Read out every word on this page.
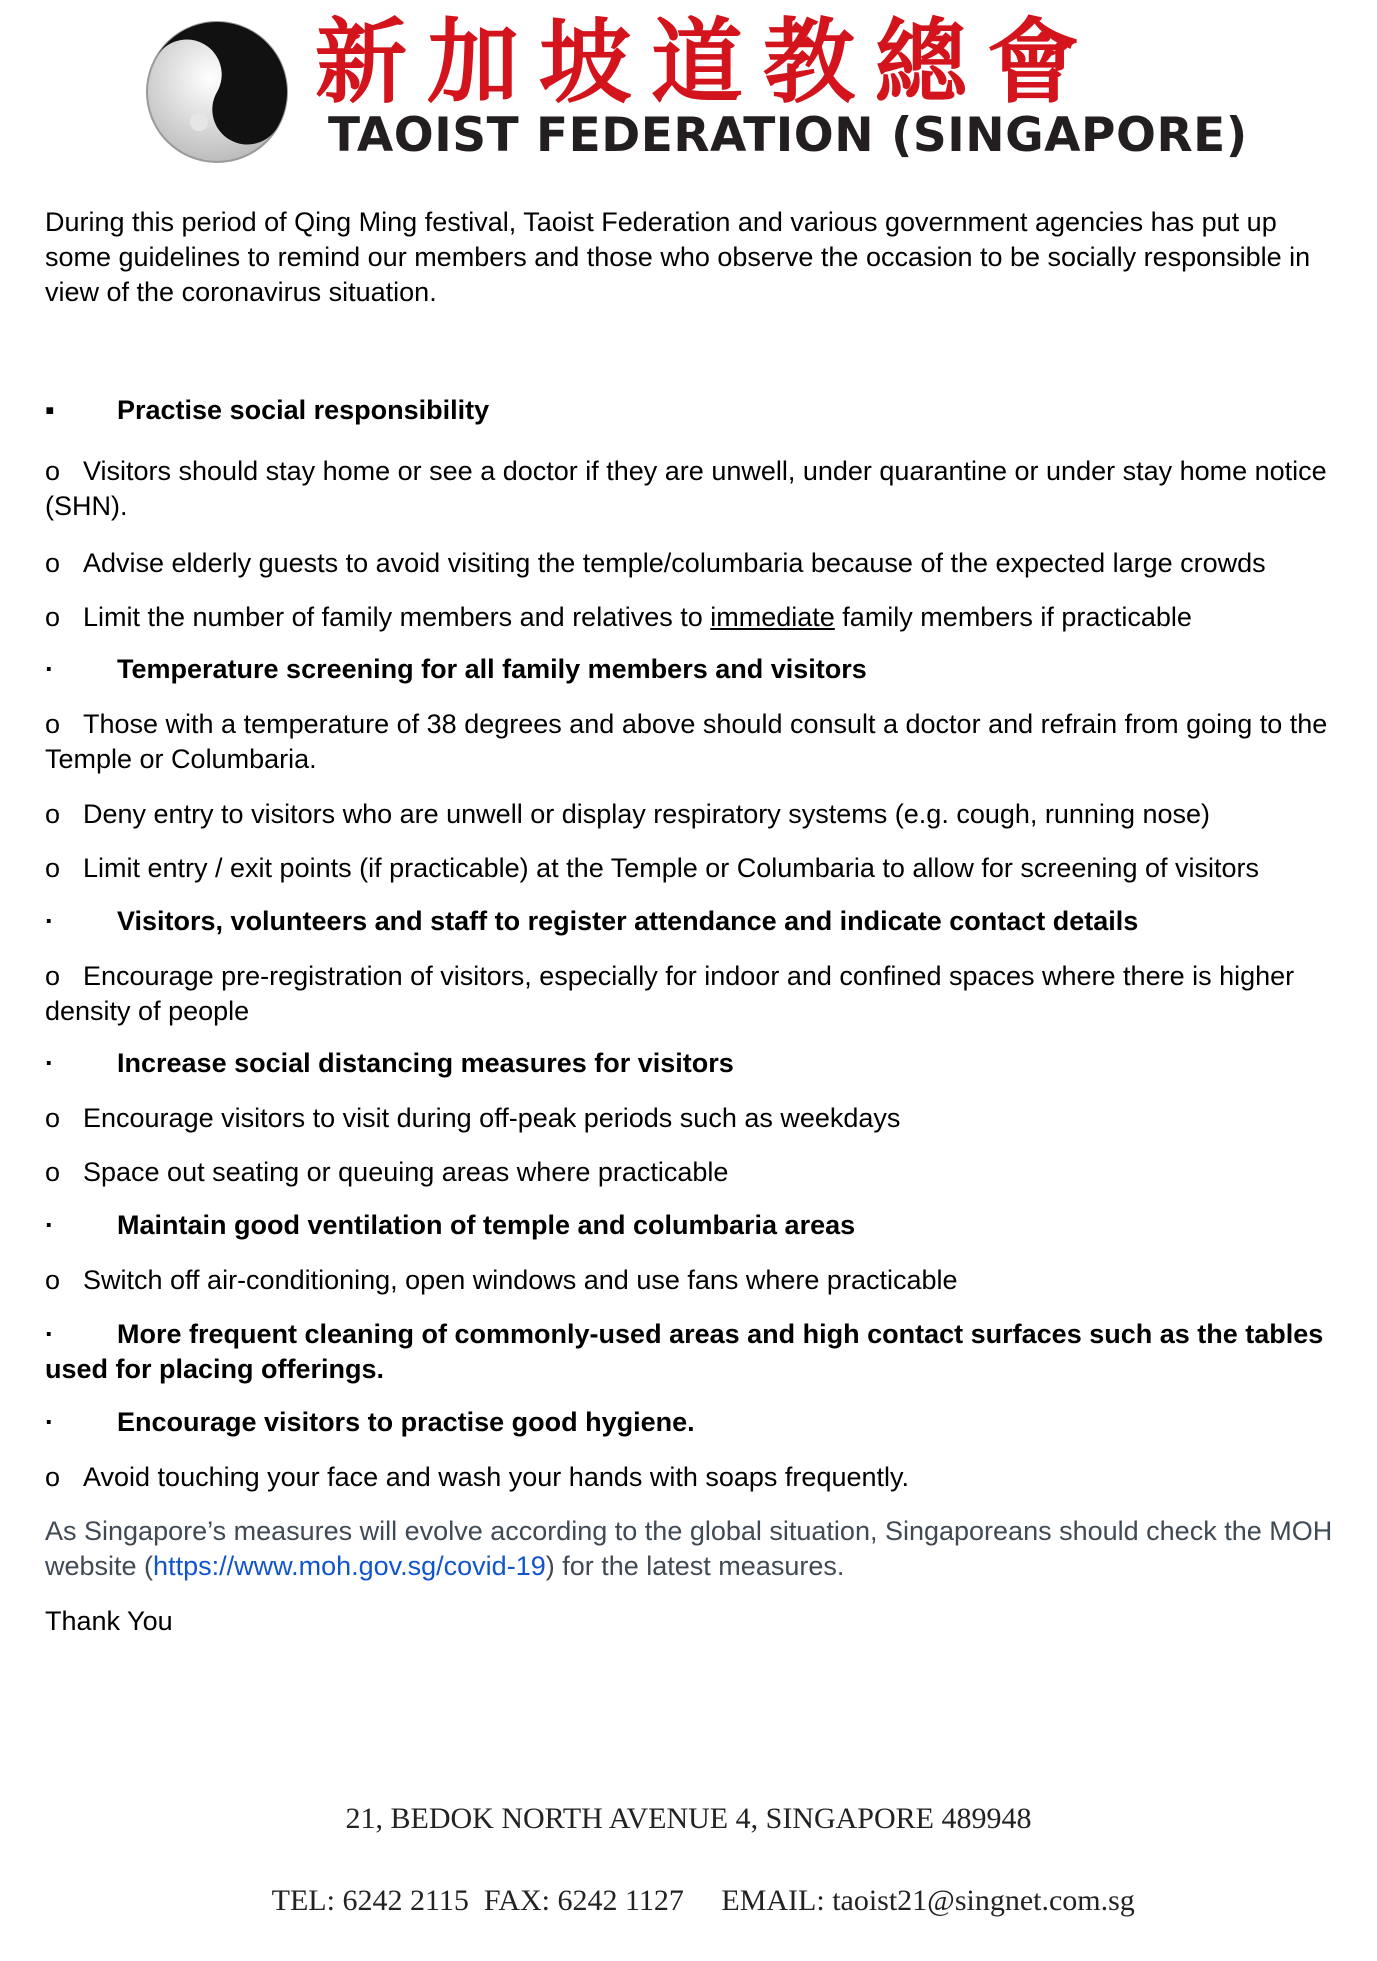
新加坡道教總會
TAOIST FEDERATION (SINGAPORE)
During this period of Qing Ming festival, Taoist Federation and various government agencies has put up some guidelines to remind our members and those who observe the occasion to be socially responsible in view of the coronavirus situation.
▪ Practise social responsibility
o Visitors should stay home or see a doctor if they are unwell, under quarantine or under stay home notice (SHN).
o Advise elderly guests to avoid visiting the temple/columbaria because of the expected large crowds
o Limit the number of family members and relatives to immediate family members if practicable
· Temperature screening for all family members and visitors
o Those with a temperature of 38 degrees and above should consult a doctor and refrain from going to the Temple or Columbaria.
o Deny entry to visitors who are unwell or display respiratory systems (e.g. cough, running nose)
o Limit entry / exit points (if practicable) at the Temple or Columbaria to allow for screening of visitors
· Visitors, volunteers and staff to register attendance and indicate contact details
o Encourage pre-registration of visitors, especially for indoor and confined spaces where there is higher density of people
· Increase social distancing measures for visitors
o Encourage visitors to visit during off-peak periods such as weekdays
o Space out seating or queuing areas where practicable
· Maintain good ventilation of temple and columbaria areas
o Switch off air-conditioning, open windows and use fans where practicable
· More frequent cleaning of commonly-used areas and high contact surfaces such as the tables used for placing offerings.
· Encourage visitors to practise good hygiene.
o Avoid touching your face and wash your hands with soaps frequently.
As Singapore’s measures will evolve according to the global situation, Singaporeans should check the MOH website (https://www.moh.gov.sg/covid-19) for the latest measures.
Thank You
21, BEDOK NORTH AVENUE 4, SINGAPORE 489948

TEL: 6242 2115 FAX: 6242 1127 EMAIL: taoist21@singnet.com.sg
